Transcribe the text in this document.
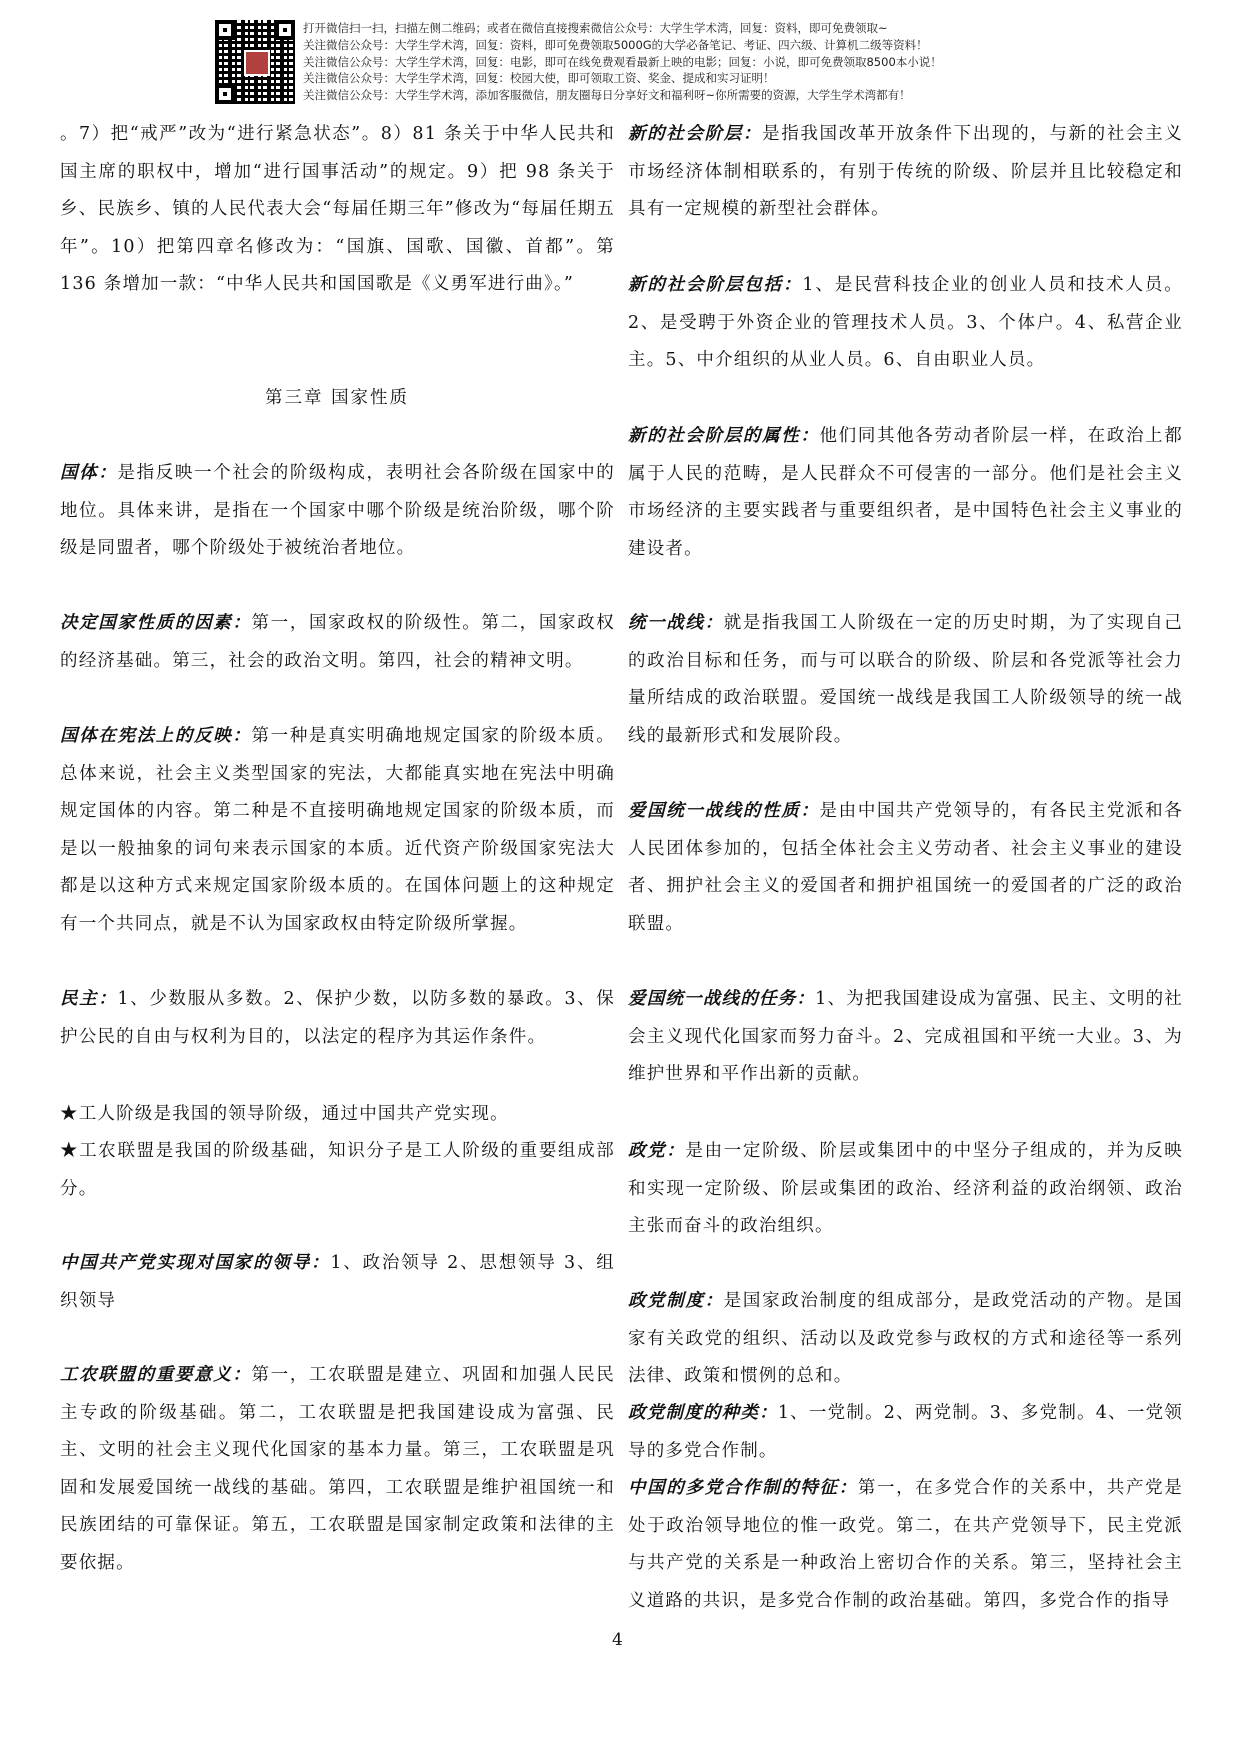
打开微信扫一扫，扫描左侧二维码；或者在微信直接搜索微信公众号：大学生学术湾，回复：资料，即可免费领取~
关注微信公众号：大学生学术湾，回复：资料，即可免费领取5000G的大学必备笔记、考证、四六级、计算机二级等资料！
关注微信公众号：大学生学术湾，回复：电影，即可在线免费观看最新上映的电影；回复：小说，即可免费领取8500本小说！
关注微信公众号：大学生学术湾，回复：校园大使，即可领取工资、奖金、提成和实习证明！
关注微信公众号：大学生学术湾，添加客服微信，朋友圈每日分享好文和福利呀~你所需要的资源，大学生学术湾都有！
。7）把“戒严”改为“进行紧急状态”。8）81 条关于中华人民共和国主席的职权中，增加“进行国事活动”的规定。9）把 98 条关于乡、民族乡、镇的人民代表大会“每届任期三年”修改为“每届任期五年”。10）把第四章名修改为：“国旗、国歌、国徽、首都”。第 136 条增加一款：“中华人民共和国国歌是《义勇军进行曲》。”
第三章 国家性质
国体：是指反映一个社会的阶级构成，表明社会各阶级在国家中的地位。具体来讲，是指在一个国家中哪个阶级是统治阶级，哪个阶级是同盟者，哪个阶级处于被统治者地位。
决定国家性质的因素：第一，国家政权的阶级性。第二，国家政权的经济基础。第三，社会的政治文明。第四，社会的精神文明。
国体在宪法上的反映：第一种是真实明确地规定国家的阶级本质。总体来说，社会主义类型国家的宪法，大都能真实地在宪法中明确规定国体的内容。第二种是不直接明确地规定国家的阶级本质，而是以一般抽象的词句来表示国家的本质。近代资产阶级国家宪法大都是以这种方式来规定国家阶级本质的。在国体问题上的这种规定有一个共同点，就是不认为国家政权由特定阶级所掌握。
民主：1、少数服从多数。2、保护少数，以防多数的暴政。3、保护公民的自由与权利为目的，以法定的程序为其运作条件。
★工人阶级是我国的领导阶级，通过中国共产党实现。
★工农联盟是我国的阶级基础，知识分子是工人阶级的重要组成部分。
中国共产党实现对国家的领导：1、政治领导 2、思想领导 3、组织领导
工农联盟的重要意义：第一，工农联盟是建立、巩固和加强人民民主专政的阶级基础。第二，工农联盟是把我国建设成为富强、民主、文明的社会主义现代化国家的基本力量。第三，工农联盟是巩固和发展爱国统一战线的基础。第四，工农联盟是维护祖国统一和民族团结的可靠保证。第五，工农联盟是国家制定政策和法律的主要依据。
新的社会阶层：是指我国改革开放条件下出现的，与新的社会主义市场经济体制相联系的，有别于传统的阶级、阶层并且比较稳定和具有一定规模的新型社会群体。
新的社会阶层包括：1、是民营科技企业的创业人员和技术人员。2、是受聘于外资企业的管理技术人员。3、个体户。4、私营企业主。5、中介组织的从业人员。6、自由职业人员。
新的社会阶层的属性：他们同其他各劳动者阶层一样，在政治上都属于人民的范畴，是人民群众不可侵害的一部分。他们是社会主义市场经济的主要实践者与重要组织者，是中国特色社会主义事业的建设者。
统一战线：就是指我国工人阶级在一定的历史时期，为了实现自己的政治目标和任务，而与可以联合的阶级、阶层和各党派等社会力量所结成的政治联盟。爱国统一战线是我国工人阶级领导的统一战线的最新形式和发展阶段。
爱国统一战线的性质：是由中国共产党领导的，有各民主党派和各人民团体参加的，包括全体社会主义劳动者、社会主义事业的建设者、拥护社会主义的爱国者和拥护祖国统一的爱国者的广泛的政治联盟。
爱国统一战线的任务：1、为把我国建设成为富强、民主、文明的社会主义现代化国家而努力奋斗。2、完成祖国和平统一大业。3、为维护世界和平作出新的贡献。
政党：是由一定阶级、阶层或集团中的中坚分子组成的，并为反映和实现一定阶级、阶层或集团的政治、经济利益的政治纲领、政治主张而奋斗的政治组织。
政党制度：是国家政治制度的组成部分，是政党活动的产物。是国家有关政党的组织、活动以及政党参与政权的方式和途径等一系列法律、政策和惯例的总和。
政党制度的种类：1、一党制。2、两党制。3、多党制。4、一党领导的多党合作制。
中国的多党合作制的特征：第一，在多党合作的关系中，共产党是处于政治领导地位的惟一政党。第二，在共产党领导下，民主党派与共产党的关系是一种政治上密切合作的关系。第三，坚持社会主义道路的共识，是多党合作制的政治基础。第四，多党合作的指导
4
